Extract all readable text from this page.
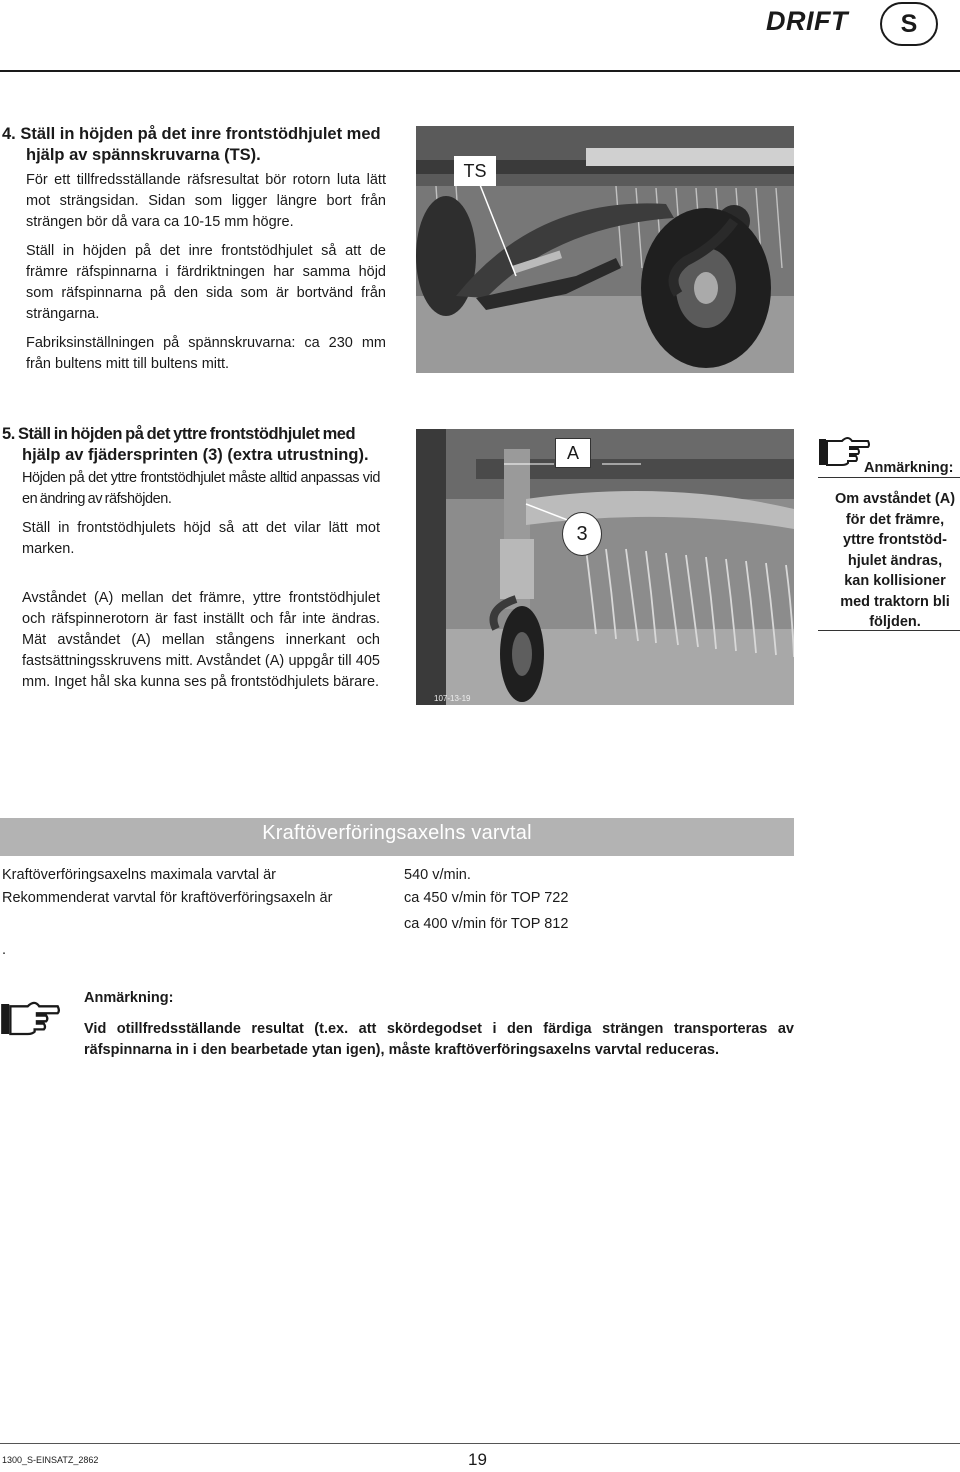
DRIFT	S
4. Ställ in höjden på det inre frontstödhjulet med
hjälp av spännskruvarna (TS).

För ett tillfredsställande räfsresultat bör rotorn luta lätt mot strängsidan. Sidan som ligger längre bort från strängen bör då vara ca 10-15 mm högre.

Ställ in höjden på det inre frontstödhjulet så att de främre räfspinnarna i färdriktningen har samma höjd som räfspinnarna på den sida som är bortvänd från strängarna.

Fabriksinställningen på spännskruvarna: ca 230 mm från bultens mitt till bultens mitt.

TS
5. Ställ in höjden på det yttre frontstödhjulet med
hjälp av fjädersprinten (3) (extra utrustning).

Höjden på det yttre frontstödhjulet måste alltid anpassas vid en ändring av räfshöjden.

Ställ in frontstödhjulets höjd så att det vilar lätt mot marken.

Avståndet (A) mellan det främre, yttre frontstödhjulet och räfspinnerotorn är fast inställt och får inte ändras. Mät avståndet (A) mellan stångens innerkant och fastsättningsskruvens mitt. Avståndet (A) uppgår till 405 mm. Inget hål ska kunna ses på frontstödhjulets bärare.

107-13-19
A
3
Anmärkning:
Om avståndet (A)
för det främre,
yttre frontstöd-
hjulet ändras,
kan kollisioner
med traktorn bli
följden.
Kraftöverföringsaxelns varvtal
Kraftöverföringsaxelns maximala varvtal är	540 v/min.
Rekommenderat varvtal för kraftöverföringsaxeln är	ca 450 v/min för TOP 722
ca 400 v/min för TOP 812
.
Anmärkning:
Vid otillfredsställande resultat (t.ex. att skördegodset i den färdiga strängen transporteras av räfspinnarna in i den bearbetade ytan igen), måste kraftöverföringsaxelns varvtal reduceras.
1300_S-EINSATZ_2862	19
